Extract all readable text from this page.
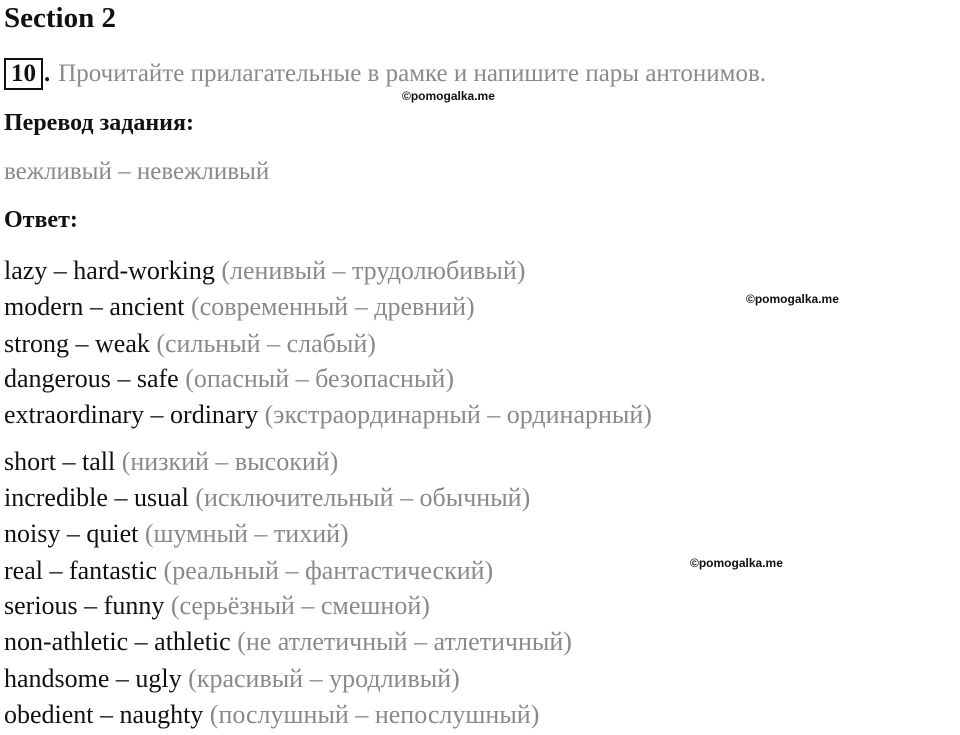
Section 2
10 . Прочитайте прилагательные в рамке и напишите пары антонимов.
©pomogalka.me
Перевод задания:
вежливый – невежливый
Ответ:
lazy – hard-working (ленивый – трудолюбивый)
modern – ancient (современный – древний)
strong – weak (сильный – слабый)
dangerous – safe (опасный – безопасный)
extraordinary – ordinary (экстраординарный – ординарный)
short – tall (низкий – высокий)
incredible – usual (исключительный – обычный)
noisy – quiet (шумный – тихий)
real – fantastic (реальный – фантастический)
serious – funny (серьёзный – смешной)
non-athletic – athletic (не атлетичный – атлетичный)
handsome – ugly (красивый – уродливый)
obedient – naughty (послушный – непослушный)
©pomogalka.me
©pomogalka.me
